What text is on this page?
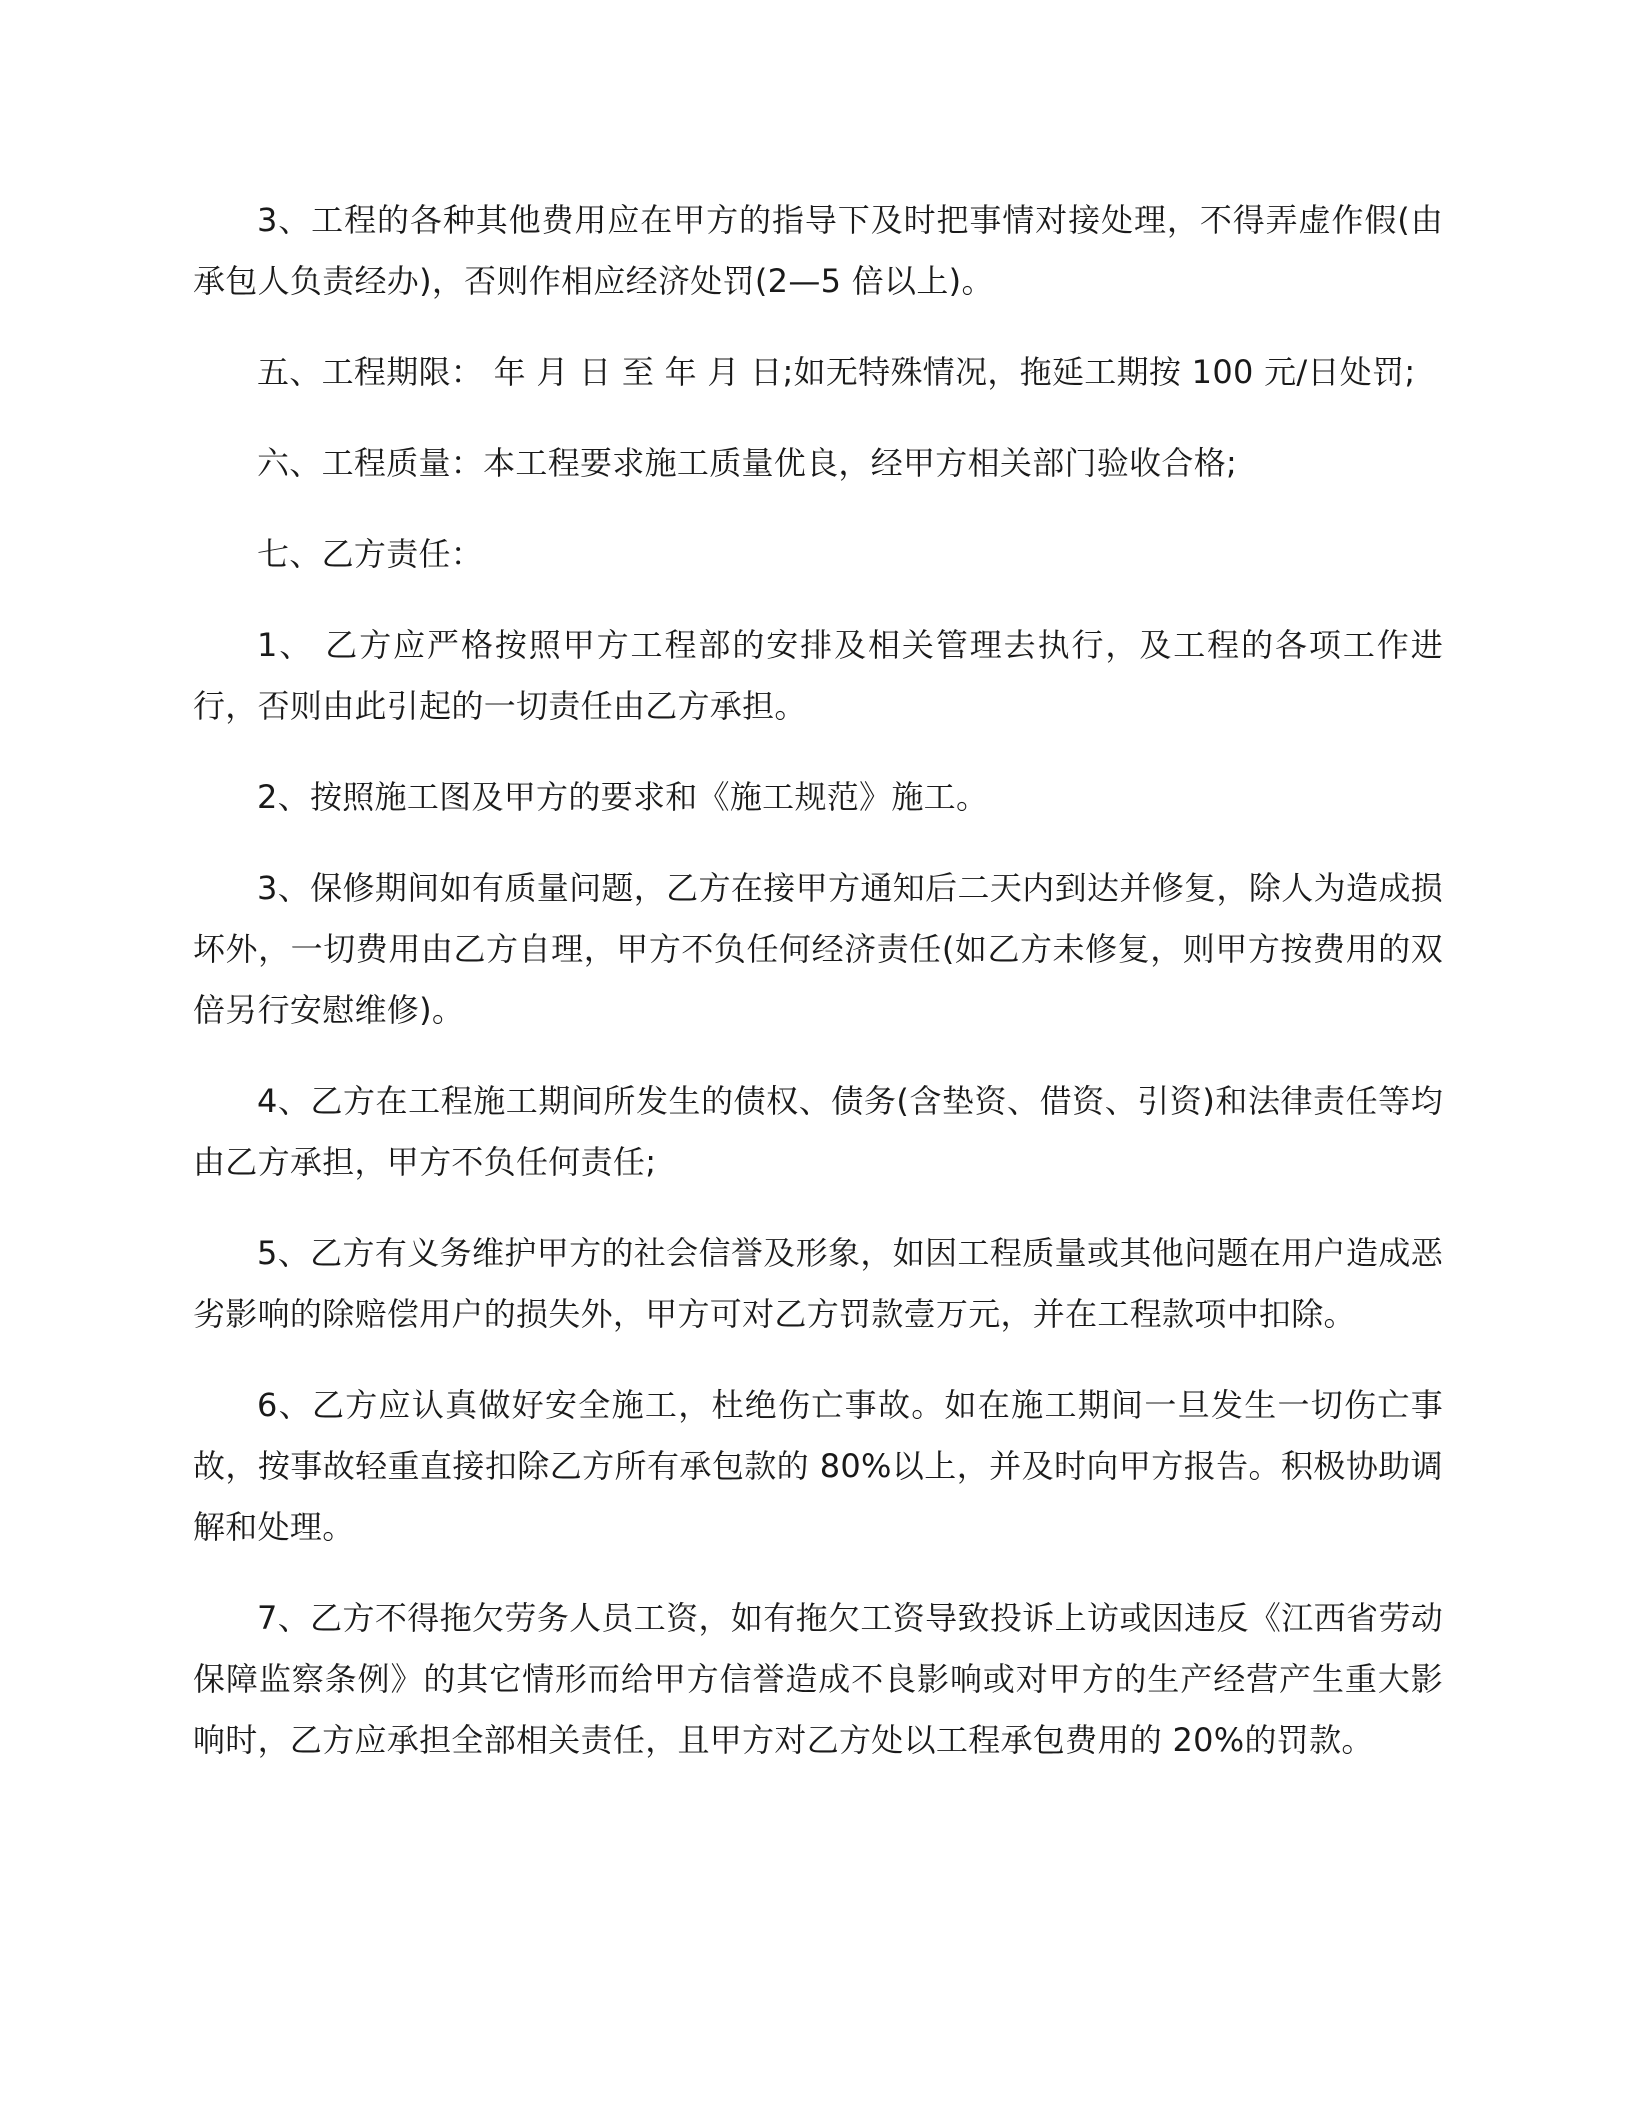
3、工程的各种其他费用应在甲方的指导下及时把事情对接处理，不得弄虚作假(由承包人负责经办)，否则作相应经济处罚(2—5 倍以上)。

五、工程期限： 年 月 日 至 年 月 日;如无特殊情况，拖延工期按 100 元/日处罚;

六、工程质量：本工程要求施工质量优良，经甲方相关部门验收合格;

七、乙方责任：

1、 乙方应严格按照甲方工程部的安排及相关管理去执行，及工程的各项工作进行，否则由此引起的一切责任由乙方承担。

2、按照施工图及甲方的要求和《施工规范》施工。

3、保修期间如有质量问题，乙方在接甲方通知后二天内到达并修复，除人为造成损坏外，一切费用由乙方自理，甲方不负任何经济责任(如乙方未修复，则甲方按费用的双倍另行安慰维修)。

4、乙方在工程施工期间所发生的债权、债务(含垫资、借资、引资)和法律责任等均由乙方承担，甲方不负任何责任;

5、乙方有义务维护甲方的社会信誉及形象，如因工程质量或其他问题在用户造成恶劣影响的除赔偿用户的损失外，甲方可对乙方罚款壹万元，并在工程款项中扣除。

6、乙方应认真做好安全施工，杜绝伤亡事故。如在施工期间一旦发生一切伤亡事故，按事故轻重直接扣除乙方所有承包款的 80%以上，并及时向甲方报告。积极协助调解和处理。

7、乙方不得拖欠劳务人员工资，如有拖欠工资导致投诉上访或因违反《江西省劳动保障监察条例》的其它情形而给甲方信誉造成不良影响或对甲方的生产经营产生重大影响时，乙方应承担全部相关责任，且甲方对乙方处以工程承包费用的 20%的罚款。
